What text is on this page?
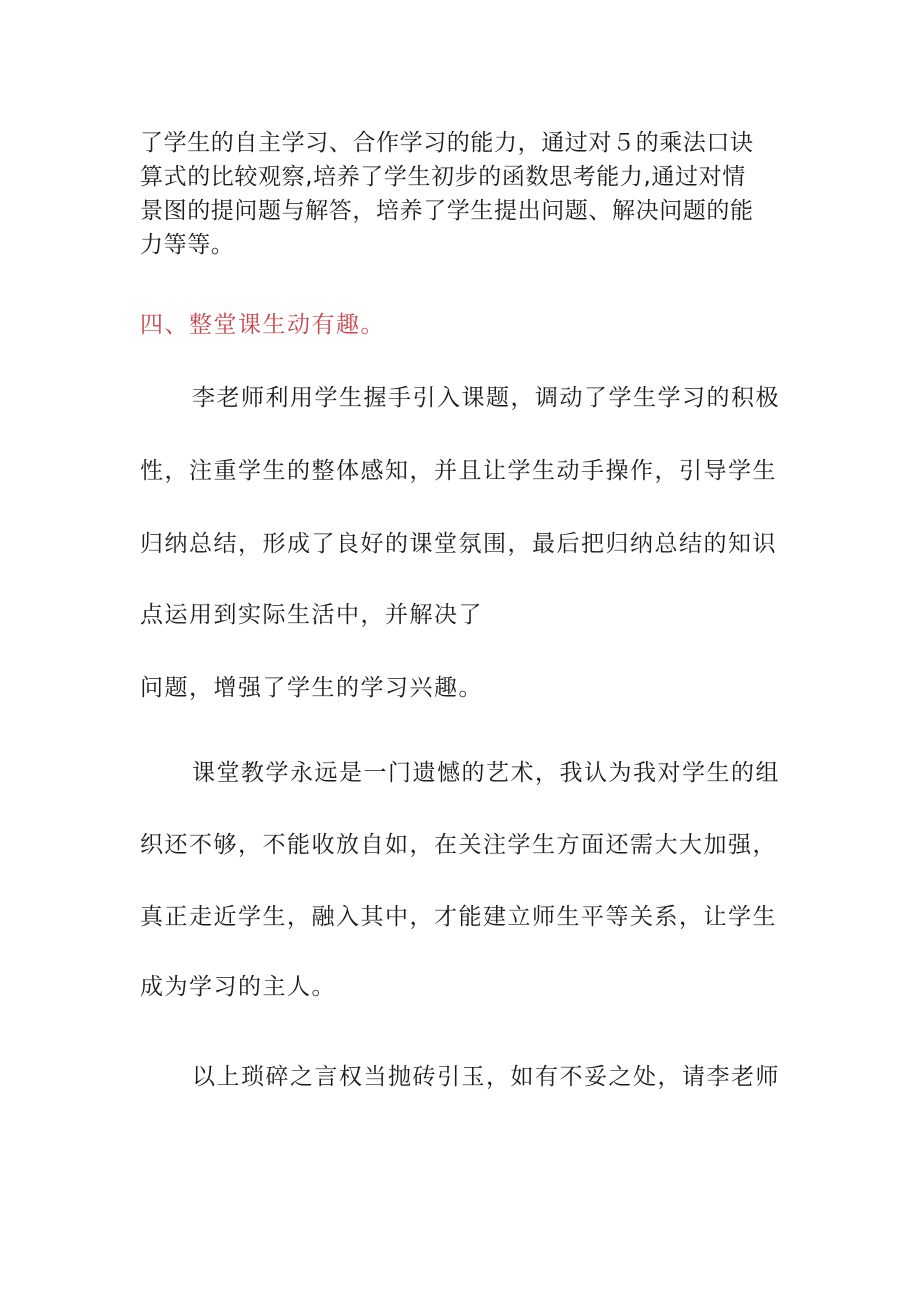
了学生的自主学习、合作学习的能力，通过对５的乘法口诀
算式的比较观察,培养了学生初步的函数思考能力,通过对情
景图的提问题与解答，培养了学生提出问题、解决问题的能
力等等。
四、整堂课生动有趣。
李老师利用学生握手引入课题，调动了学生学习的积极
性，注重学生的整体感知，并且让学生动手操作，引导学生
归纳总结，形成了良好的课堂氛围，最后把归纳总结的知识
点运用到实际生活中，并解决了
问题，增强了学生的学习兴趣。
课堂教学永远是一门遗憾的艺术，我认为我对学生的组
织还不够，不能收放自如，在关注学生方面还需大大加强，
真正走近学生，融入其中，才能建立师生平等关系，让学生
成为学习的主人。
以上琐碎之言权当抛砖引玉，如有不妥之处，请李老师
